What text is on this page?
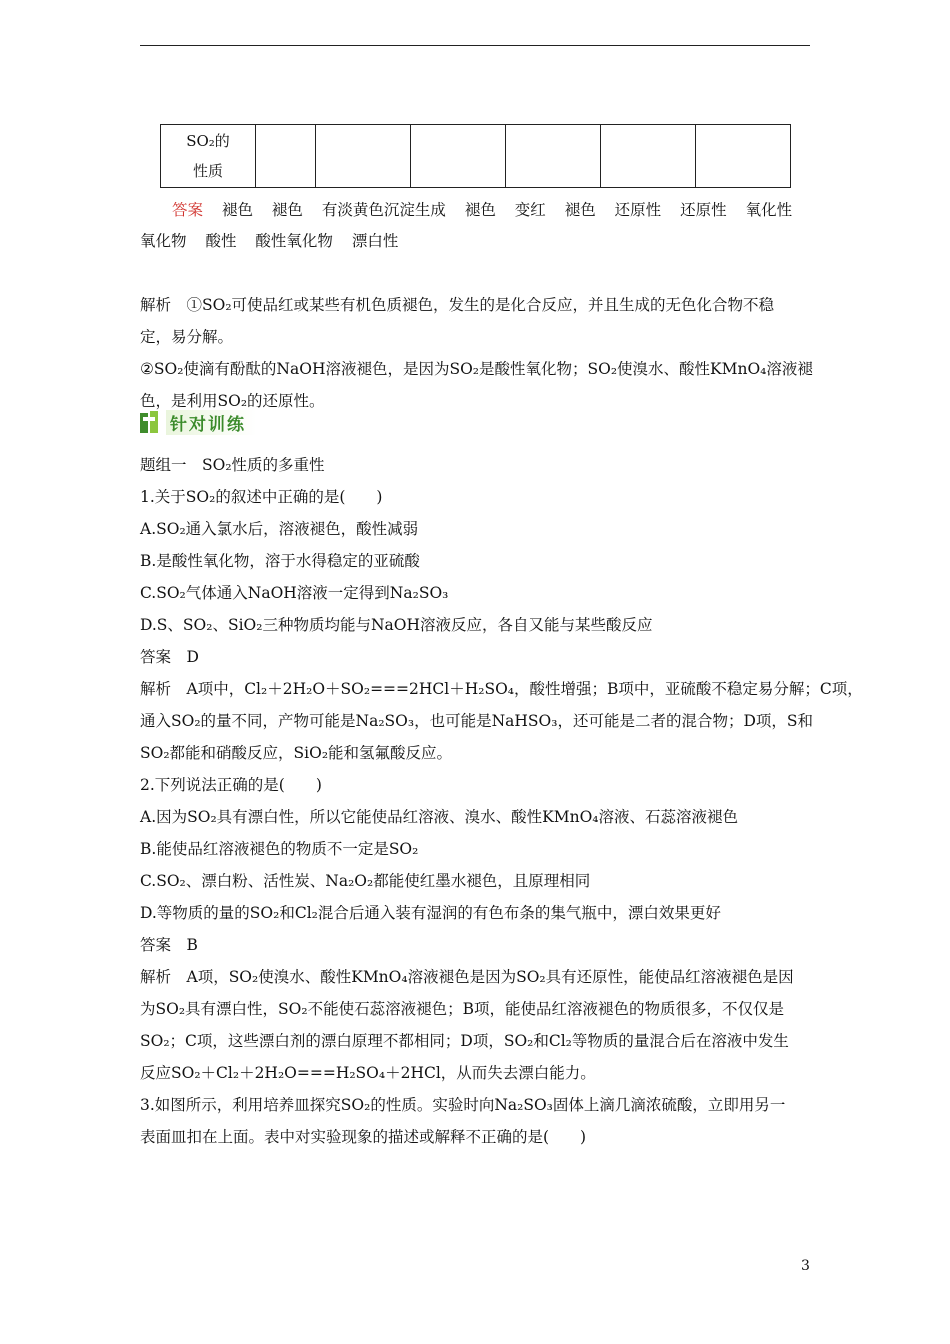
SO₂的
性质

答案 褪色 褪色 有淡黄色沉淀生成 褪色 变红 褪色 还原性 还原性 氧化性
氧化物 酸性 酸性氧化物 漂白性
解析　①SO₂可使品红或某些有机色质褪色，发生的是化合反应，并且生成的无色化合物不稳
定，易分解。
②SO₂使滴有酚酞的NaOH溶液褪色，是因为SO₂是酸性氧化物；SO₂使溴水、酸性KMnO₄溶液褪
色，是利用SO₂的还原性。
针对训练
题组一　SO₂性质的多重性
1.关于SO₂的叙述中正确的是(　　)
A.SO₂通入氯水后，溶液褪色，酸性减弱
B.是酸性氧化物，溶于水得稳定的亚硫酸
C.SO₂气体通入NaOH溶液一定得到Na₂SO₃
D.S、SO₂、SiO₂三种物质均能与NaOH溶液反应，各自又能与某些酸反应
答案　D
解析　A项中，Cl₂＋2H₂O＋SO₂===2HCl＋H₂SO₄，酸性增强；B项中，亚硫酸不稳定易分解；C项，
通入SO₂的量不同，产物可能是Na₂SO₃，也可能是NaHSO₃，还可能是二者的混合物；D项，S和
SO₂都能和硝酸反应，SiO₂能和氢氟酸反应。
2.下列说法正确的是(　　)
A.因为SO₂具有漂白性，所以它能使品红溶液、溴水、酸性KMnO₄溶液、石蕊溶液褪色
B.能使品红溶液褪色的物质不一定是SO₂
C.SO₂、漂白粉、活性炭、Na₂O₂都能使红墨水褪色，且原理相同
D.等物质的量的SO₂和Cl₂混合后通入装有湿润的有色布条的集气瓶中，漂白效果更好
答案　B
解析　A项，SO₂使溴水、酸性KMnO₄溶液褪色是因为SO₂具有还原性，能使品红溶液褪色是因
为SO₂具有漂白性，SO₂不能使石蕊溶液褪色；B项，能使品红溶液褪色的物质很多，不仅仅是
SO₂；C项，这些漂白剂的漂白原理不都相同；D项，SO₂和Cl₂等物质的量混合后在溶液中发生
反应SO₂＋Cl₂＋2H₂O===H₂SO₄＋2HCl，从而失去漂白能力。
3.如图所示，利用培养皿探究SO₂的性质。实验时向Na₂SO₃固体上滴几滴浓硫酸，立即用另一
表面皿扣在上面。表中对实验现象的描述或解释不正确的是(　　)
3
